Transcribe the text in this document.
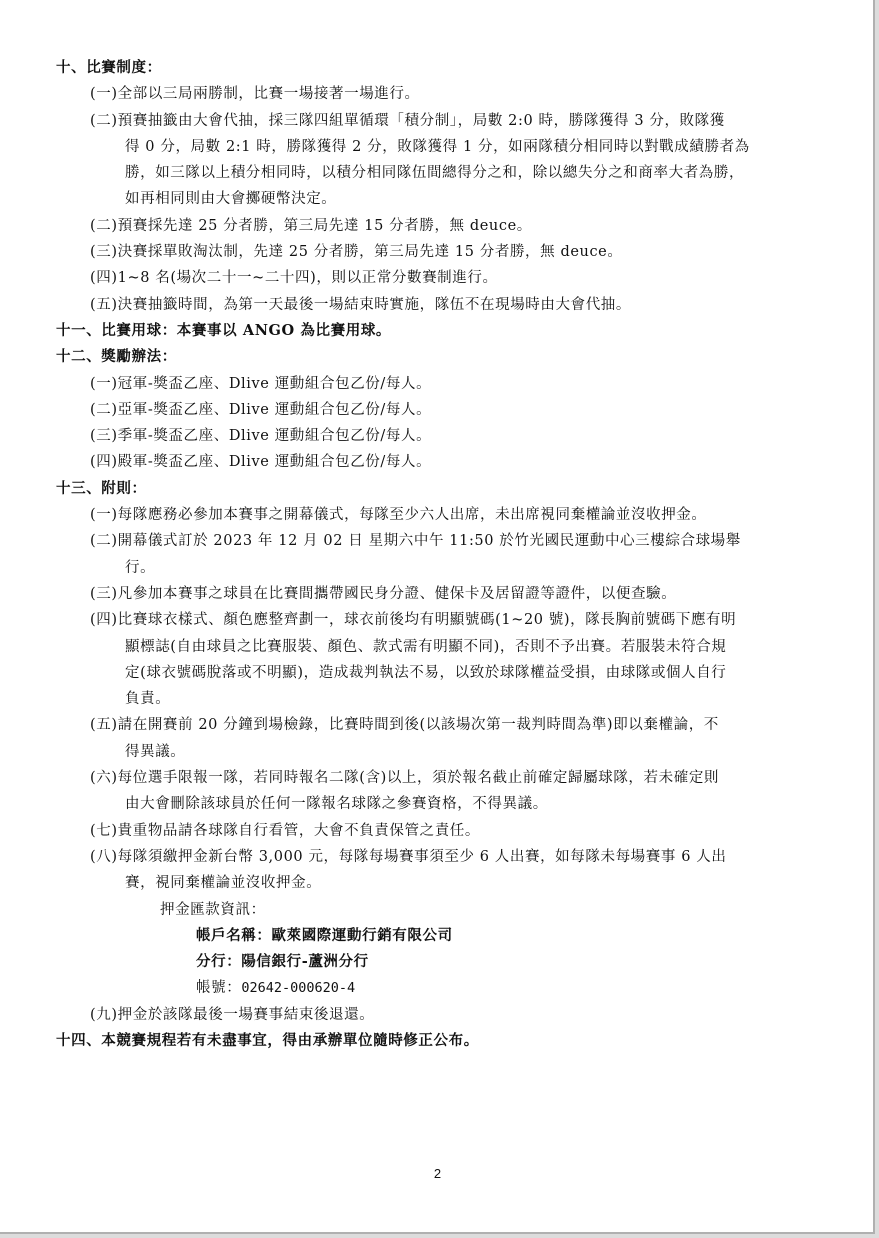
十、比賽制度：
(一)全部以三局兩勝制，比賽一場接著一場進行。
(二)預賽抽籤由大會代抽，採三隊四組單循環「積分制」，局數 2:0 時，勝隊獲得 3 分，敗隊獲
得 0 分，局數 2:1 時，勝隊獲得 2 分，敗隊獲得 1 分，如兩隊積分相同時以對戰成績勝者為
勝，如三隊以上積分相同時，以積分相同隊伍間總得分之和，除以總失分之和商率大者為勝，
如再相同則由大會擲硬幣決定。
(二)預賽採先達 25 分者勝，第三局先達 15 分者勝，無 deuce。
(三)決賽採單敗淘汰制，先達 25 分者勝，第三局先達 15 分者勝，無 deuce。
(四)1~8 名(場次二十一~二十四)，則以正常分數賽制進行。
(五)決賽抽籤時間，為第一天最後一場結束時實施，隊伍不在現場時由大會代抽。
十一、比賽用球：本賽事以 ANGO 為比賽用球。
十二、獎勵辦法：
(一)冠軍-獎盃乙座、Dlive 運動組合包乙份/每人。
(二)亞軍-獎盃乙座、Dlive 運動組合包乙份/每人。
(三)季軍-獎盃乙座、Dlive 運動組合包乙份/每人。
(四)殿軍-獎盃乙座、Dlive 運動組合包乙份/每人。
十三、附則：
(一)每隊應務必參加本賽事之開幕儀式，每隊至少六人出席，未出席視同棄權論並沒收押金。
(二)開幕儀式訂於 2023 年 12 月 02 日 星期六中午 11:50 於竹光國民運動中心三樓綜合球場舉
行。
(三)凡參加本賽事之球員在比賽間攜帶國民身分證、健保卡及居留證等證件，以便查驗。
(四)比賽球衣樣式、顏色應整齊劃一，球衣前後均有明顯號碼(1~20 號)，隊長胸前號碼下應有明
顯標誌(自由球員之比賽服裝、顏色、款式需有明顯不同)，否則不予出賽。若服裝未符合規
定(球衣號碼脫落或不明顯)，造成裁判執法不易，以致於球隊權益受損，由球隊或個人自行
負責。
(五)請在開賽前 20 分鐘到場檢錄，比賽時間到後(以該場次第一裁判時間為準)即以棄權論，不
得異議。
(六)每位選手限報一隊，若同時報名二隊(含)以上，須於報名截止前確定歸屬球隊，若未確定則
由大會刪除該球員於任何一隊報名球隊之參賽資格，不得異議。
(七)貴重物品請各球隊自行看管，大會不負責保管之責任。
(八)每隊須繳押金新台幣 3,000 元，每隊每場賽事須至少 6 人出賽，如每隊未每場賽事 6 人出
賽，視同棄權論並沒收押金。
押金匯款資訊：
帳戶名稱：歐萊國際運動行銷有限公司
分行：陽信銀行-蘆洲分行
帳號：02642-000620-4
(九)押金於該隊最後一場賽事結束後退還。
十四、本競賽規程若有未盡事宜，得由承辦單位隨時修正公布。
2
